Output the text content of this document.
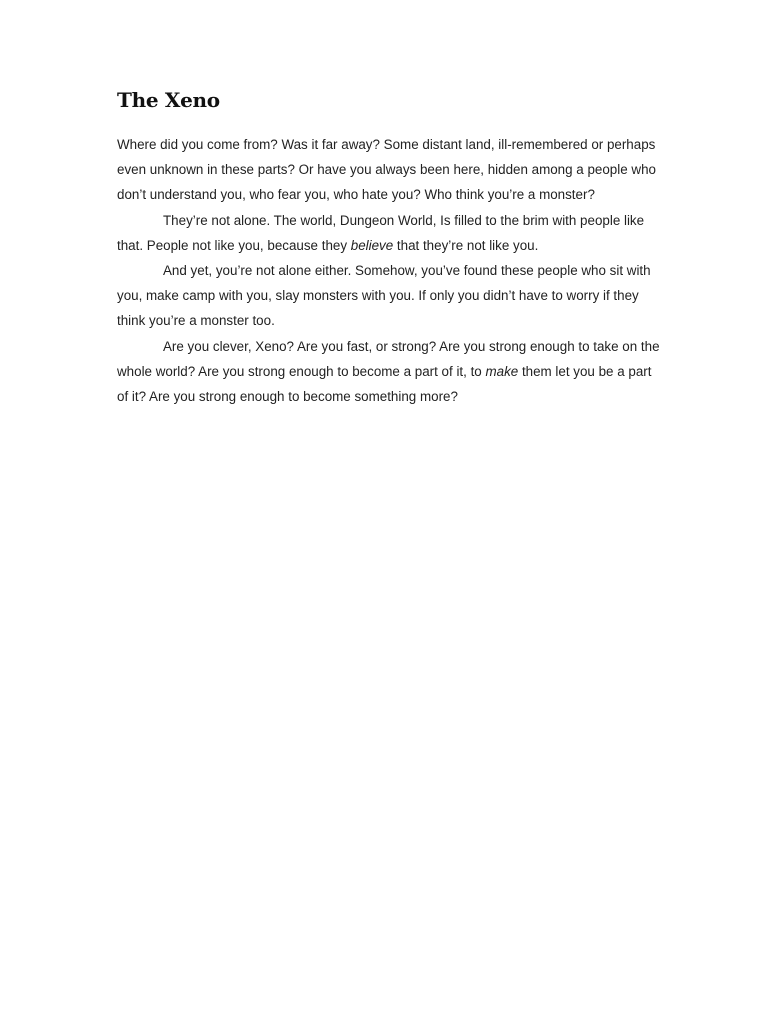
The Xeno

Where did you come from? Was it far away? Some distant land, ill-remembered or perhaps even unknown in these parts? Or have you always been here, hidden among a people who don’t understand you, who fear you, who hate you? Who think you’re a monster?

They’re not alone. The world, Dungeon World, Is filled to the brim with people like that. People not like you, because they believe that they’re not like you.

And yet, you’re not alone either. Somehow, you’ve found these people who sit with you, make camp with you, slay monsters with you. If only you didn’t have to worry if they think you’re a monster too.

Are you clever, Xeno? Are you fast, or strong? Are you strong enough to take on the whole world? Are you strong enough to become a part of it, to make them let you be a part of it? Are you strong enough to become something more?
